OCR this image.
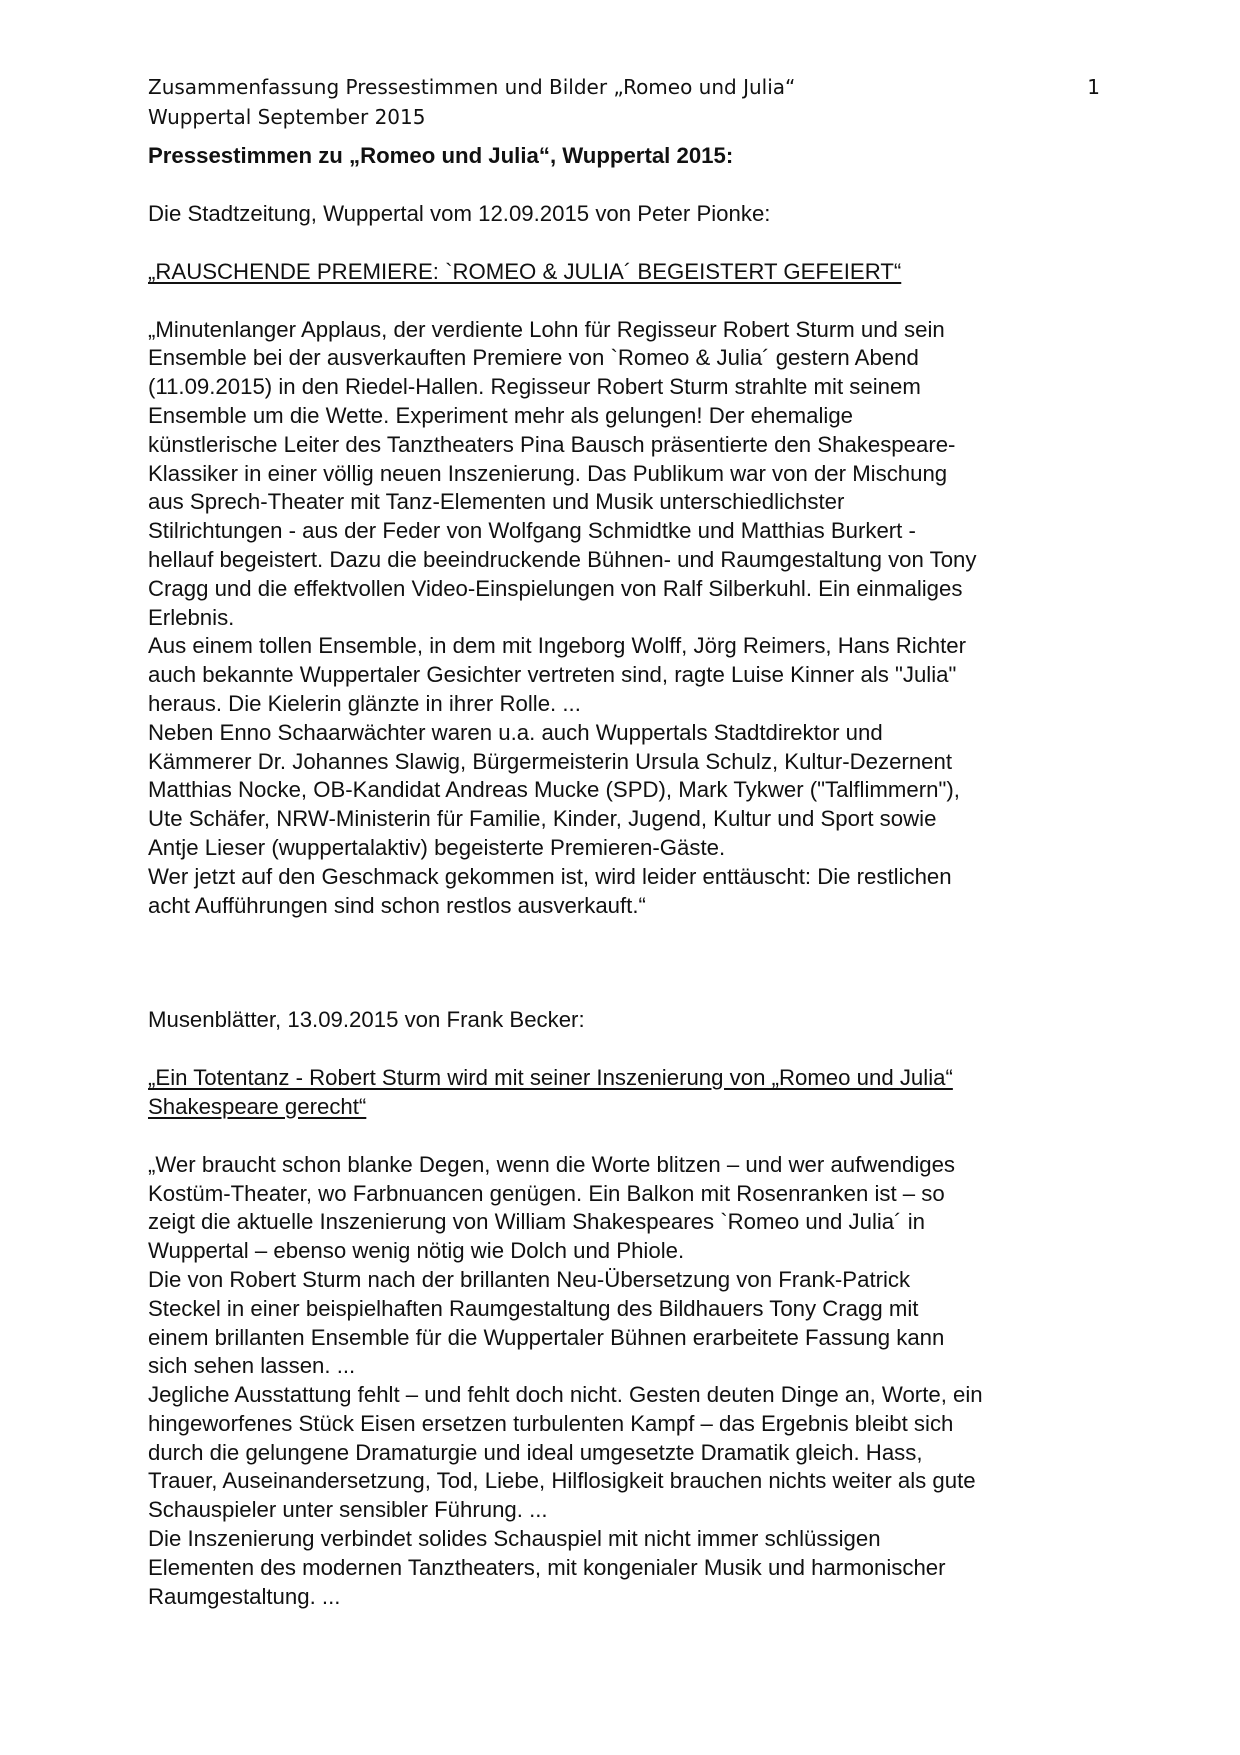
Zusammenfassung Pressestimmen und Bilder „Romeo und Julia“
Wuppertal September 2015
1
Pressestimmen zu „Romeo und Julia“, Wuppertal 2015:
Die Stadtzeitung, Wuppertal vom 12.09.2015 von Peter Pionke:
„RAUSCHENDE PREMIERE: `ROMEO & JULIA´ BEGEISTERT GEFEIERT“
„Minutenlanger Applaus, der verdiente Lohn für Regisseur Robert Sturm und sein
Ensemble bei der ausverkauften Premiere von `Romeo & Julia´ gestern Abend
(11.09.2015) in den Riedel-Hallen. Regisseur Robert Sturm strahlte mit seinem
Ensemble um die Wette. Experiment mehr als gelungen! Der ehemalige
künstlerische Leiter des Tanztheaters Pina Bausch präsentierte den Shakespeare-
Klassiker in einer völlig neuen Inszenierung. Das Publikum war von der Mischung
aus Sprech-Theater mit Tanz-Elementen und Musik unterschiedlichster
Stilrichtungen - aus der Feder von Wolfgang Schmidtke und Matthias Burkert -
hellauf begeistert. Dazu die beeindruckende Bühnen- und Raumgestaltung von Tony
Cragg und die effektvollen Video-Einspielungen von Ralf Silberkuhl. Ein einmaliges
Erlebnis.
Aus einem tollen Ensemble, in dem mit Ingeborg Wolff, Jörg Reimers, Hans Richter
auch bekannte Wuppertaler Gesichter vertreten sind, ragte Luise Kinner als "Julia"
heraus. Die Kielerin glänzte in ihrer Rolle. ...
Neben Enno Schaarwächter waren u.a. auch Wuppertals Stadtdirektor und
Kämmerer Dr. Johannes Slawig, Bürgermeisterin Ursula Schulz, Kultur-Dezernent
Matthias Nocke, OB-Kandidat Andreas Mucke (SPD), Mark Tykwer ("Talflimmern"),
Ute Schäfer, NRW-Ministerin für Familie, Kinder, Jugend, Kultur und Sport sowie
Antje Lieser (wuppertalaktiv) begeisterte Premieren-Gäste.
Wer jetzt auf den Geschmack gekommen ist, wird leider enttäuscht: Die restlichen
acht Aufführungen sind schon restlos ausverkauft.“
Musenblätter, 13.09.2015 von Frank Becker:
„Ein Totentanz - Robert Sturm wird mit seiner Inszenierung von „Romeo und Julia“
Shakespeare gerecht“
„Wer braucht schon blanke Degen, wenn die Worte blitzen – und wer aufwendiges
Kostüm-Theater, wo Farbnuancen genügen. Ein Balkon mit Rosenranken ist – so
zeigt die aktuelle Inszenierung von William Shakespeares `Romeo und Julia´ in
Wuppertal – ebenso wenig nötig wie Dolch und Phiole.
Die von Robert Sturm nach der brillanten Neu-Übersetzung von Frank-Patrick
Steckel in einer beispielhaften Raumgestaltung des Bildhauers Tony Cragg mit
einem brillanten Ensemble für die Wuppertaler Bühnen erarbeitete Fassung kann
sich sehen lassen. ...
Jegliche Ausstattung fehlt – und fehlt doch nicht. Gesten deuten Dinge an, Worte, ein
hingeworfenes Stück Eisen ersetzen turbulenten Kampf – das Ergebnis bleibt sich
durch die gelungene Dramaturgie und ideal umgesetzte Dramatik gleich. Hass,
Trauer, Auseinandersetzung, Tod, Liebe, Hilflosigkeit brauchen nichts weiter als gute
Schauspieler unter sensibler Führung. ...
Die Inszenierung verbindet solides Schauspiel mit nicht immer schlüssigen
Elementen des modernen Tanztheaters, mit kongenialer Musik und harmonischer
Raumgestaltung. ...
